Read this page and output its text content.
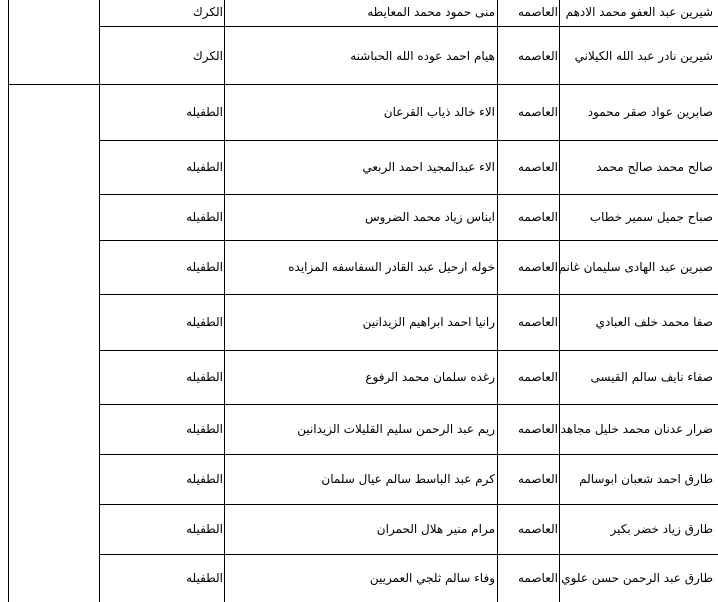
شيرين عبد العفو محمد الادهم
العاصمه
منى حمود محمد المعايطه
الكرك
شيرين نادر عبد الله الكيلاني
العاصمه
هيام احمد عوده الله الحباشنه
الكرك
صابرين عواد صقر محمود
العاصمه
الاء خالد ذياب القرعان
الطفيله
صالح محمد صالح محمد
العاصمه
الاء عبدالمجيد احمد الربعي
الطفيله
صباح جميل سمير خطاب
العاصمه
ايناس زياد محمد الضروس
الطفيله
صبرين عبد الهادى سليمان غانم
العاصمه
خوله ارحيل عبد القادر السفاسفه المزايده
الطفيله
صفا محمد خلف العبادي
العاصمه
رانيا احمد ابراهيم الزيدانين
الطفيله
صفاء نايف سالم القيسى
العاصمه
رغده سلمان محمد الرفوع
الطفيله
ضرار عدنان محمد خليل مجاهد
العاصمه
ريم عبد الرحمن سليم القليلات الزيدانين
الطفيله
طارق احمد شعبان ابوسالم
العاصمه
كرم عبد الباسط سالم عيال سلمان
الطفيله
طارق زياد خضر بكير
العاصمه
مرام منير هلال الحمران
الطفيله
طارق عبد الرحمن حسن علوي
العاصمه
وفاء سالم ثلجي العمريين
الطفيله
